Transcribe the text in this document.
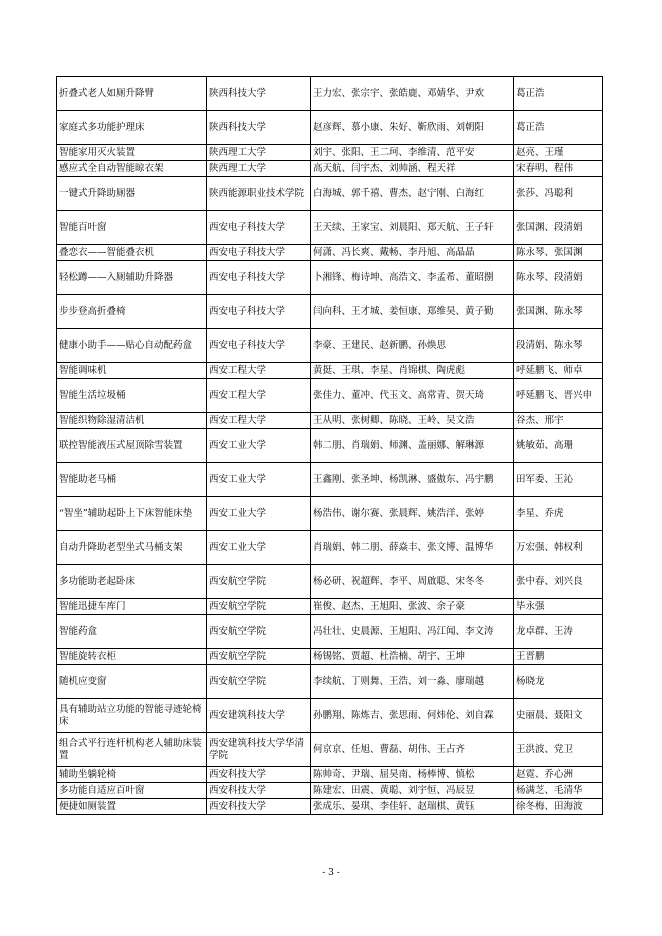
折叠式老人如厕升降臂	陕西科技大学	王力宏、张宗宇、张皓鹿、邓婧华、尹欢	葛正浩
家庭式多功能护理床	陕西科技大学	赵彦辉、慕小康、朱好、靳欣雨、刘朝阳	葛正浩
智能家用灭火装置	陕西理工大学	刘宇、张阳、王二珂、李维清、范平安	赵亮、王瑾
感应式全自动智能晾衣架	陕西理工大学	高天航、闫宇杰、刘帅涵、程天祥	宋春明、程伟
一键式升降助厕器	陕西能源职业技术学院	白海城、郭千禧、曹杰、赵宁刚、白海红	张莎、冯聪利
智能百叶窗	西安电子科技大学	王天续、王家宝、刘晨阳、郑天航、王子轩	张国渊、段清娟
叠恋衣——智能叠衣机	西安电子科技大学	何潇、冯长爽、戴畅、李丹旭、高晶晶	陈永琴、张国渊
轻松蹲——入厕辅助升降器	西安电子科技大学	卜湘锋、梅诗坤、高浩文、李孟希、董昭捌	陈永琴、段清娟
步步登高折叠椅	西安电子科技大学	闫向科、王才城、姜恒康、郑维昊、黄子勤	张国渊、陈永琴
健康小助手——贴心自动配药盒	西安电子科技大学	李豪、王建民、赵新鹏、孙焕思	段清娟、陈永琴
智能调味机	西安工程大学	黄挺、王琪、李星、肖锦棋、陶虎彪	呼延鹏飞、师卓
智能生活垃圾桶	西安工程大学	张佳力、董冲、代玉文、高常青、贺天琦	呼延鹏飞、晋兴申
智能织物除湿清洁机	西安工程大学	王从明、张树卿、陈晓、王岭、吴文浩	谷杰、邢宇
联控智能液压式屋顶除雪装置	西安工业大学	韩二朋、肖瑞娟、师渊、盖丽娜、解琳源	姚敏茹、高珊
智能助老马桶	西安工业大学	王鑫刚、张圣坤、杨凯淋、盛傲东、冯宇鹏	田军委、王沁
“智坐”辅助起卧上下床智能床垫	西安工业大学	杨浩伟、谢尔赛、张晨辉、姚浩洋、张婷	李星、乔虎
自动升降助老型坐式马桶支架	西安工业大学	肖瑞娟、韩二朋、薛焱丰、张文博、温博华	万宏强、韩权利
多功能助老起卧床	西安航空学院	杨必研、祝超辉、李平、周啟聪、宋冬冬	张中春、刘兴良
智能迅捷车库门	西安航空学院	崔俊、赵杰、王旭阳、张波、余子豪	毕永强
智能药盒	西安航空学院	冯壮壮、史晨源、王旭阳、冯江闻、李文涛	龙卓群、王涛
智能旋转衣柜	西安航空学院	杨锡铭、贾超、杜浩楠、胡宇、王坤	王晋鹏
随机应变窗	西安航空学院	李续航、丁则舞、王浩、刘一淼、廖瑞越	杨晓龙
具有辅助站立功能的智能寻迹轮椅床	西安建筑科技大学	孙鹏翔、陈炼吉、张思雨、何炜伦、刘自霖	史丽晨、聂阳文
组合式平行连杆机构老人辅助床装置	西安建筑科技大学华清学院	何京京、任旭、曹磊、胡伟、王占齐	王洪波、党卫
辅助坐躺轮椅	西安科技大学	陈帅奇、尹瑞、屈昊南、杨棒博、慎松	赵霓、乔心洲
多功能自适应百叶窗	西安科技大学	陈建宏、田震、黄聪、刘宇恒、冯辰昱	杨满芝、毛清华
便捷如厕装置	西安科技大学	张成乐、晏琪、李佳轩、赵瑞棋、黄钰	徐冬梅、田海波
- 3 -
